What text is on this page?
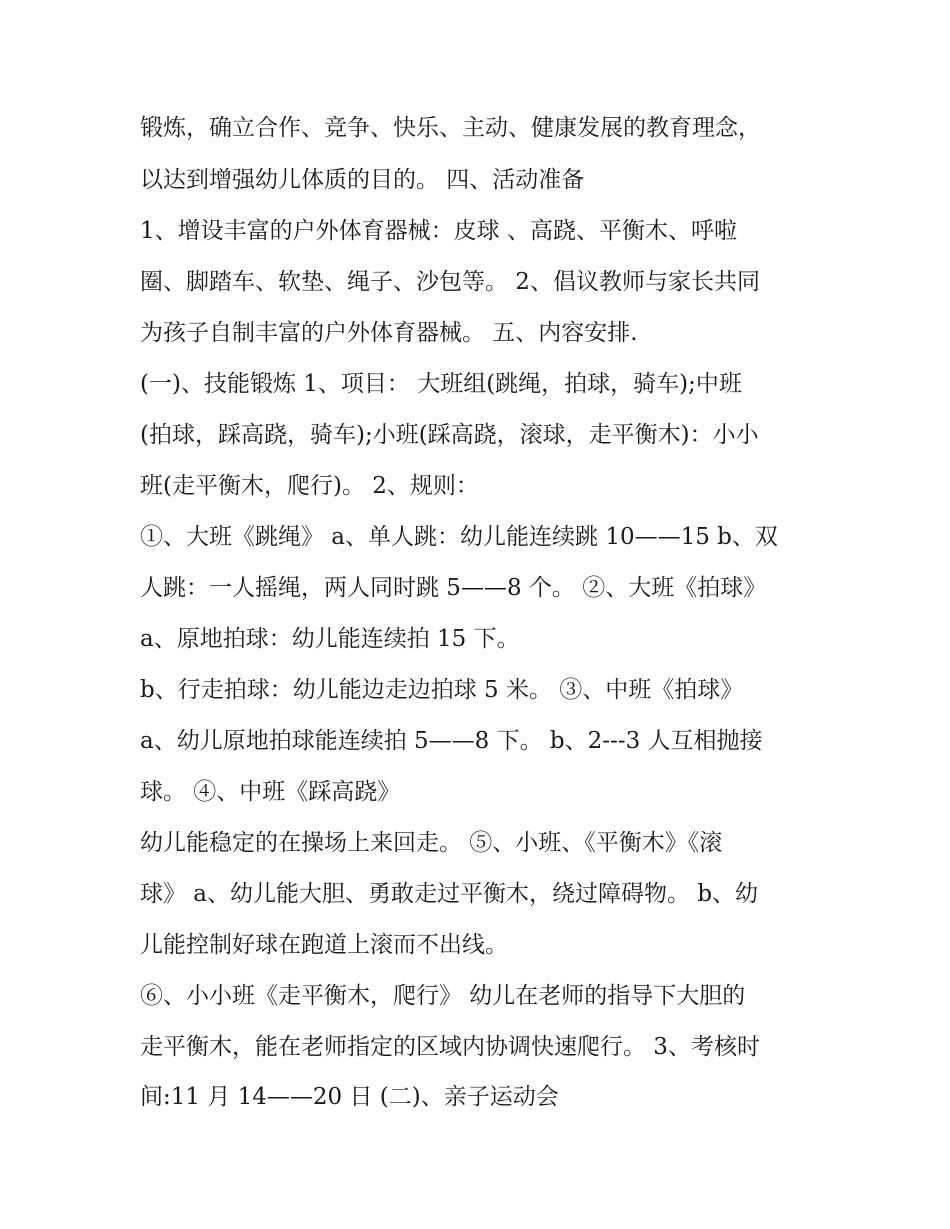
锻炼，确立合作、竞争、快乐、主动、健康发展的教育理念，

以达到增强幼儿体质的目的。 四、活动准备

1、增设丰富的户外体育器械：皮球 、高跷、平衡木、呼啦

圈、脚踏车、软垫、绳子、沙包等。 2、倡议教师与家长共同

为孩子自制丰富的户外体育器械。 五、内容安排.

(一)、技能锻炼 1、项目： 大班组(跳绳，拍球，骑车);中班

(拍球，踩高跷，骑车);小班(踩高跷，滚球，走平衡木)：小小

班(走平衡木，爬行)。 2、规则：

①、大班《跳绳》 a、单人跳：幼儿能连续跳 10——15 b、双

人跳：一人摇绳，两人同时跳 5——8 个。 ②、大班《拍球》

a、原地拍球：幼儿能连续拍 15 下。

b、行走拍球：幼儿能边走边拍球 5 米。 ③、中班《拍球》

a、幼儿原地拍球能连续拍 5——8 下。 b、2---3 人互相抛接

球。 ④、中班《踩高跷》

幼儿能稳定的在操场上来回走。 ⑤、小班、《平衡木》《滚

球》 a、幼儿能大胆、勇敢走过平衡木，绕过障碍物。 b、幼

儿能控制好球在跑道上滚而不出线。

⑥、小小班《走平衡木，爬行》 幼儿在老师的指导下大胆的

走平衡木，能在老师指定的区域内协调快速爬行。 3、考核时

间:11 月 14——20 日 (二)、亲子运动会
